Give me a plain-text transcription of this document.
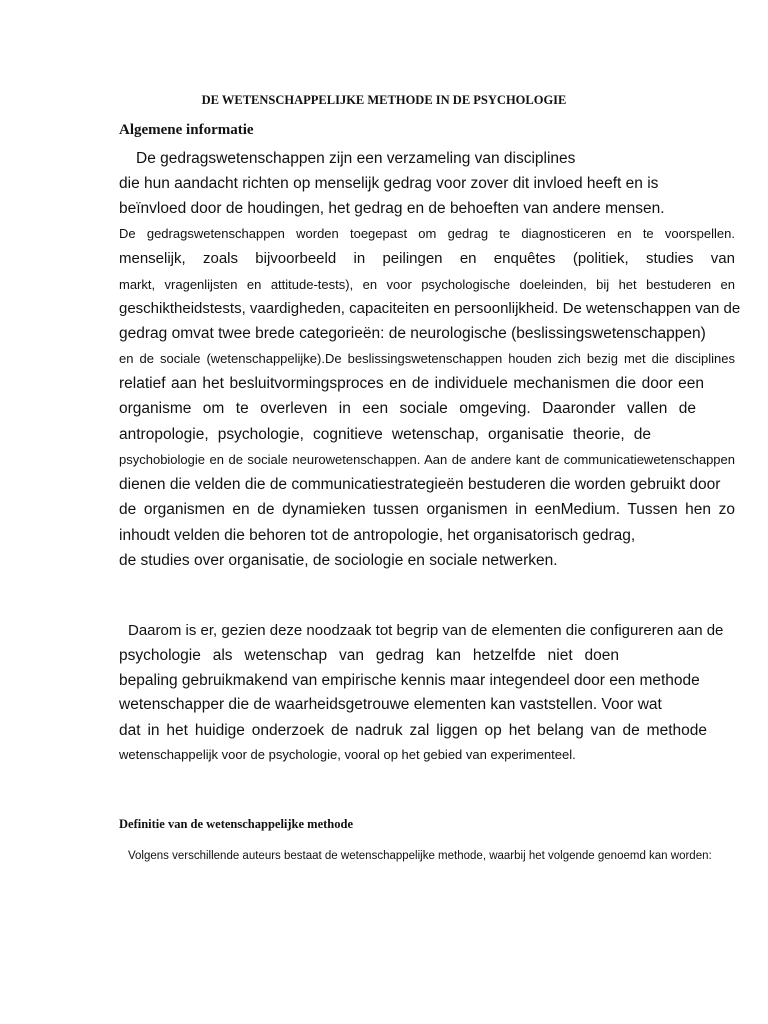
DE WETENSCHAPPELIJKE METHODE IN DE PSYCHOLOGIE
Algemene informatie
De gedragswetenschappen zijn een verzameling van disciplines
die hun aandacht richten op menselijk gedrag voor zover dit invloed heeft en is
beïnvloed door de houdingen, het gedrag en de behoeften van andere mensen.
De gedragswetenschappen worden toegepast om gedrag te diagnosticeren en te voorspellen.
menselijk, zoals bijvoorbeeld in peilingen en enquêtes (politiek, studies van
markt, vragenlijsten en attitude-tests), en voor psychologische doeleinden, bij het bestuderen en
geschiktheidstests, vaardigheden, capaciteiten en persoonlijkheid. De wetenschappen van de
gedrag omvat twee brede categorieën: de neurologische (beslissingswetenschappen)
en de sociale (wetenschappelijke).De beslissingswetenschappen houden zich bezig met die disciplines
relatief aan het besluitvormingsproces en de individuele mechanismen die door een
organisme om te overleven in een sociale omgeving. Daaronder vallen de
antropologie, psychologie, cognitieve wetenschap, organisatie theorie, de
psychobiologie en de sociale neurowetenschappen. Aan de andere kant de communicatiewetenschappen
dienen die velden die de communicatiestrategieën bestuderen die worden gebruikt door
de organismen en de dynamieken tussen organismen in eenMedium. Tussen hen zo
inhoudt velden die behoren tot de antropologie, het organisatorisch gedrag,
de studies over organisatie, de sociologie en sociale netwerken.
Daarom is er, gezien deze noodzaak tot begrip van de elementen die configureren aan de
psychologie als wetenschap van gedrag kan hetzelfde niet doen
bepaling gebruikmakend van empirische kennis maar integendeel door een methode
wetenschapper die de waarheidsgetrouwe elementen kan vaststellen. Voor wat
dat in het huidige onderzoek de nadruk zal liggen op het belang van de methode
wetenschappelijk voor de psychologie, vooral op het gebied van experimenteel.
Definitie van de wetenschappelijke methode
Volgens verschillende auteurs bestaat de wetenschappelijke methode, waarbij het volgende genoemd kan worden:
